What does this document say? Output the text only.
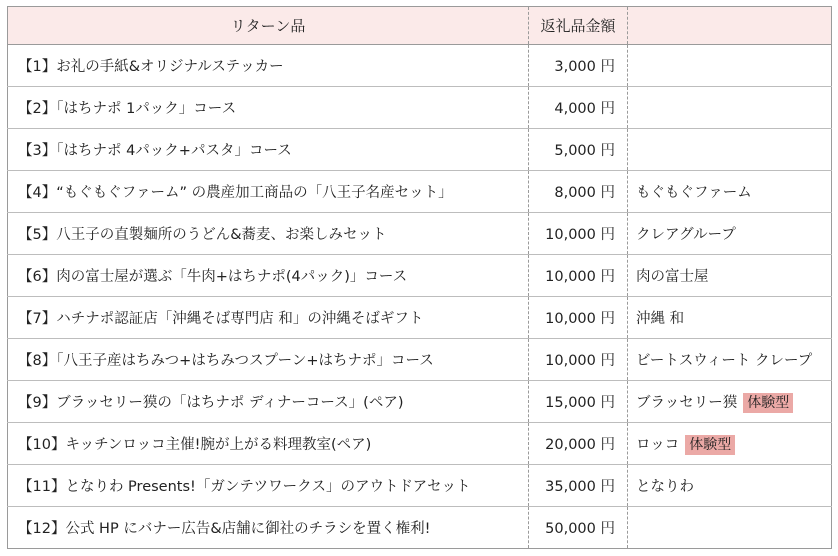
リターン品	返礼品金額	
【1】お礼の手紙&オリジナルステッカー	3,000 円	
【2】「はちナポ 1パック」コース	4,000 円	
【3】「はちナポ 4パック+パスタ」コース	5,000 円	
【4】“もぐもぐファーム” の農産加工商品の「八王子名産セット」	8,000 円	もぐもぐファーム
【5】八王子の直製麺所のうどん&蕎麦、お楽しみセット	10,000 円	クレアグループ
【6】肉の富士屋が選ぶ「牛肉+はちナポ(4パック)」コース	10,000 円	肉の富士屋
【7】ハチナポ認証店「沖縄そば専門店 和」の沖縄そばギフト	10,000 円	沖縄 和
【8】「八王子産はちみつ+はちみつスプーン+はちナポ」コース	10,000 円	ビートスウィート クレープ
【9】ブラッセリー獏の「はちナポ ディナーコース」(ペア)	15,000 円	ブラッセリー獏 体験型
【10】キッチンロッコ主催!腕が上がる料理教室(ペア)	20,000 円	ロッコ 体験型
【11】となりわ Presents!「ガンテツワークス」のアウトドアセット	35,000 円	となりわ
【12】公式 HP にバナー広告&店舗に御社のチラシを置く権利!	50,000 円	
